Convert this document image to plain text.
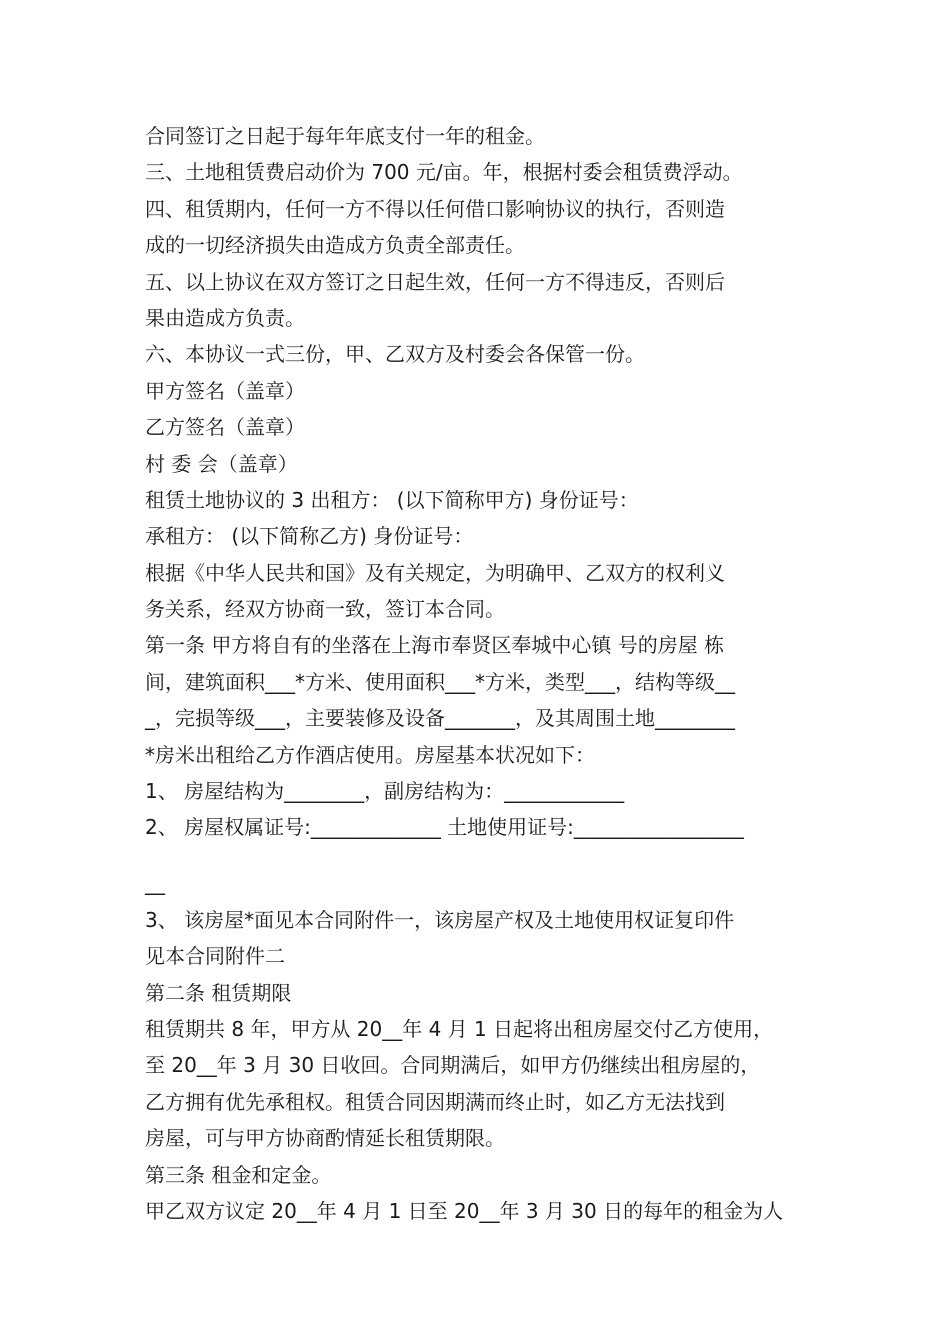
合同签订之日起于每年年底支付一年的租金。
三、土地租赁费启动价为 700 元/亩。年，根据村委会租赁费浮动。
四、租赁期内，任何一方不得以任何借口影响协议的执行，否则造
成的一切经济损失由造成方负责全部责任。
五、以上协议在双方签订之日起生效，任何一方不得违反，否则后
果由造成方负责。
六、本协议一式三份，甲、乙双方及村委会各保管一份。
甲方签名（盖章）
乙方签名（盖章）
村 委 会（盖章）
租赁土地协议的 3 出租方： (以下简称甲方) 身份证号：
承租方： (以下简称乙方) 身份证号：
根据《中华人民共和国》及有关规定，为明确甲、乙双方的权利义
务关系，经双方协商一致，签订本合同。
第一条 甲方将自有的坐落在上海市奉贤区奉城中心镇 号的房屋 栋
间，建筑面积___*方米、使用面积___*方米，类型___，结构等级__
_，完损等级___，主要装修及设备_______，及其周围土地________
*房米出租给乙方作酒店使用。房屋基本状况如下：
1、 房屋结构为________，副房结构为：____________
2、 房屋权属证号:_____________ 土地使用证号:_________________
__
3、 该房屋*面见本合同附件一，该房屋产权及土地使用权证复印件
见本合同附件二
第二条 租赁期限
租赁期共 8 年，甲方从 20__年 4 月 1 日起将出租房屋交付乙方使用，
至 20__年 3 月 30 日收回。合同期满后，如甲方仍继续出租房屋的，
乙方拥有优先承租权。租赁合同因期满而终止时，如乙方无法找到
房屋，可与甲方协商酌情延长租赁期限。
第三条 租金和定金。
甲乙双方议定 20__年 4 月 1 日至 20__年 3 月 30 日的每年的租金为人
